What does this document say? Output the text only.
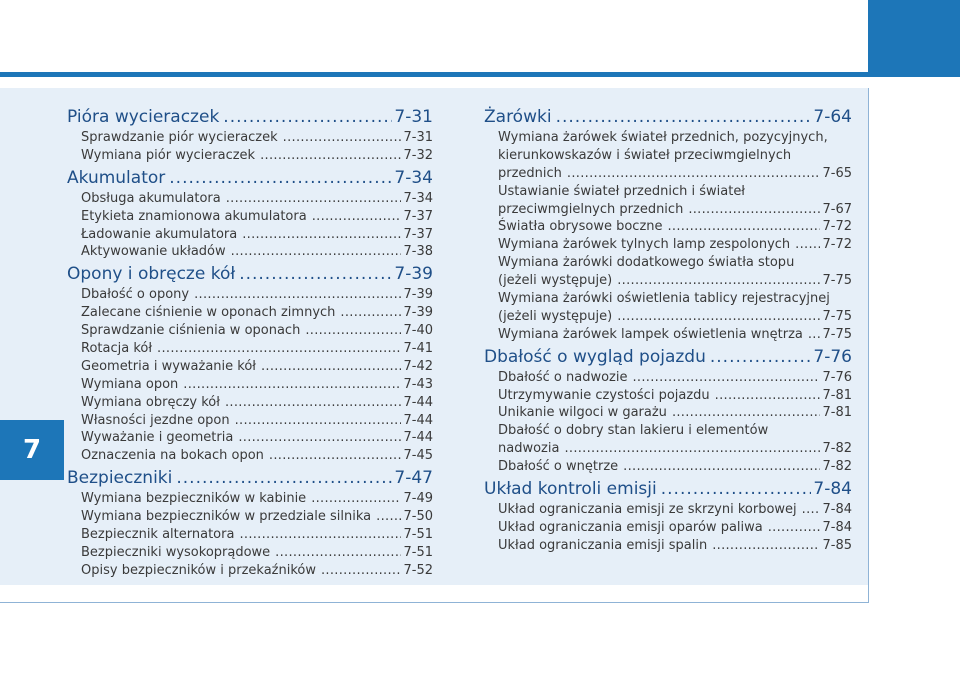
7
Pióra wycieraczek .....	7-31
Sprawdzanie piór wycieraczek .....	7-31
Wymiana piór wycieraczek .....	7-32
Akumulator .....	7-34
Obsługa akumulatora .....	7-34
Etykieta znamionowa akumulatora .....	7-37
Ładowanie akumulatora .....	7-37
Aktywowanie układów .....	7-38
Opony i obręcze kół .....	7-39
Dbałość o opony .....	7-39
Zalecane ciśnienie w oponach zimnych .....	7-39
Sprawdzanie ciśnienia w oponach .....	7-40
Rotacja kół .....	7-41
Geometria i wyważanie kół .....	7-42
Wymiana opon .....	7-43
Wymiana obręczy kół .....	7-44
Własności jezdne opon .....	7-44
Wyważanie i geometria .....	7-44
Oznaczenia na bokach opon .....	7-45
Bezpieczniki .....	7-47
Wymiana bezpieczników w kabinie .....	7-49
Wymiana bezpieczników w przedziale silnika .....	7-50
Bezpiecznik alternatora .....	7-51
Bezpieczniki wysokoprądowe .....	7-51
Opisy bezpieczników i przekaźników .....	7-52
Żarówki .....	7-64
Wymiana żarówek świateł przednich, pozycyjnych,
kierunkowskazów i świateł przeciwmgielnych
przednich .....	7-65
Ustawianie świateł przednich i świateł
przeciwmgielnych przednich .....	7-67
Światła obrysowe boczne .....	7-72
Wymiana żarówek tylnych lamp zespolonych .....	7-72
Wymiana żarówki dodatkowego światła stopu
(jeżeli występuje) .....	7-75
Wymiana żarówki oświetlenia tablicy rejestracyjnej
(jeżeli występuje) .....	7-75
Wymiana żarówek lampek oświetlenia wnętrza .....	7-75
Dbałość o wygląd pojazdu .....	7-76
Dbałość o nadwozie .....	7-76
Utrzymywanie czystości pojazdu .....	7-81
Unikanie wilgoci w garażu .....	7-81
Dbałość o dobry stan lakieru i elementów
nadwozia .....	7-82
Dbałość o wnętrze .....	7-82
Układ kontroli emisji .....	7-84
Układ ograniczania emisji ze skrzyni korbowej .....	7-84
Układ ograniczania emisji oparów paliwa .....	7-84
Układ ograniczania emisji spalin .....	7-85
